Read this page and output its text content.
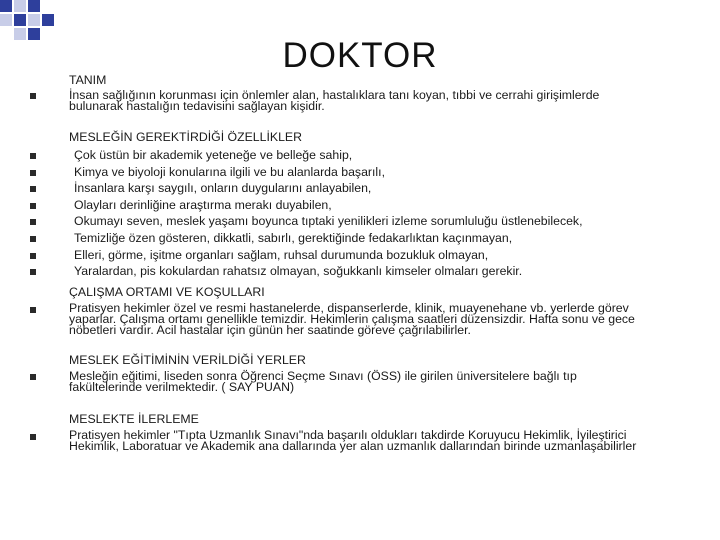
DOKTOR
TANIM
İnsan sağlığının korunması için önlemler alan, hastalıklara tanı koyan, tıbbi ve cerrahi girişimlerde
bulunarak hastalığın tedavisini sağlayan kişidir.
MESLEĞİN GEREKTİRDİĞİ ÖZELLİKLER
Çok üstün bir akademik yeteneğe ve belleğe sahip,
Kimya ve biyoloji konularına ilgili ve bu alanlarda başarılı,
İnsanlara karşı saygılı, onların duygularını anlayabilen,
Olayları derinliğine araştırma merakı duyabilen,
Okumayı seven, meslek yaşamı boyunca tıptaki yenilikleri izleme sorumluluğu üstlenebilecek,
Temizliğe özen gösteren, dikkatli, sabırlı, gerektiğinde fedakarlıktan kaçınmayan,
Elleri, görme, işitme organları sağlam, ruhsal durumunda bozukluk olmayan,
Yaralardan, pis kokulardan rahatsız olmayan, soğukkanlı kimseler olmaları gerekir.
ÇALIŞMA ORTAMI VE KOŞULLARI
Pratisyen hekimler özel ve resmi hastanelerde, dispanserlerde, klinik, muayenehane vb. yerlerde görev
yaparlar. Çalışma ortamı genellikle temizdir. Hekimlerin çalışma saatleri düzensizdir. Hafta sonu ve gece
nöbetleri vardır. Acil hastalar için günün her saatinde göreve çağrılabilirler.
MESLEK EĞİTİMİNİN VERİLDİĞİ YERLER
Mesleğin eğitimi, liseden sonra Öğrenci Seçme Sınavı (ÖSS) ile girilen üniversitelere bağlı tıp
fakültelerinde verilmektedir. ( SAY PUAN)
MESLEKTE İLERLEME
Pratisyen hekimler "Tıpta Uzmanlık Sınavı"nda başarılı oldukları takdirde Koruyucu Hekimlik, İyileştirici
Hekimlik, Laboratuar ve Akademik ana dallarında yer alan uzmanlık dallarından birinde uzmanlaşabilirler
